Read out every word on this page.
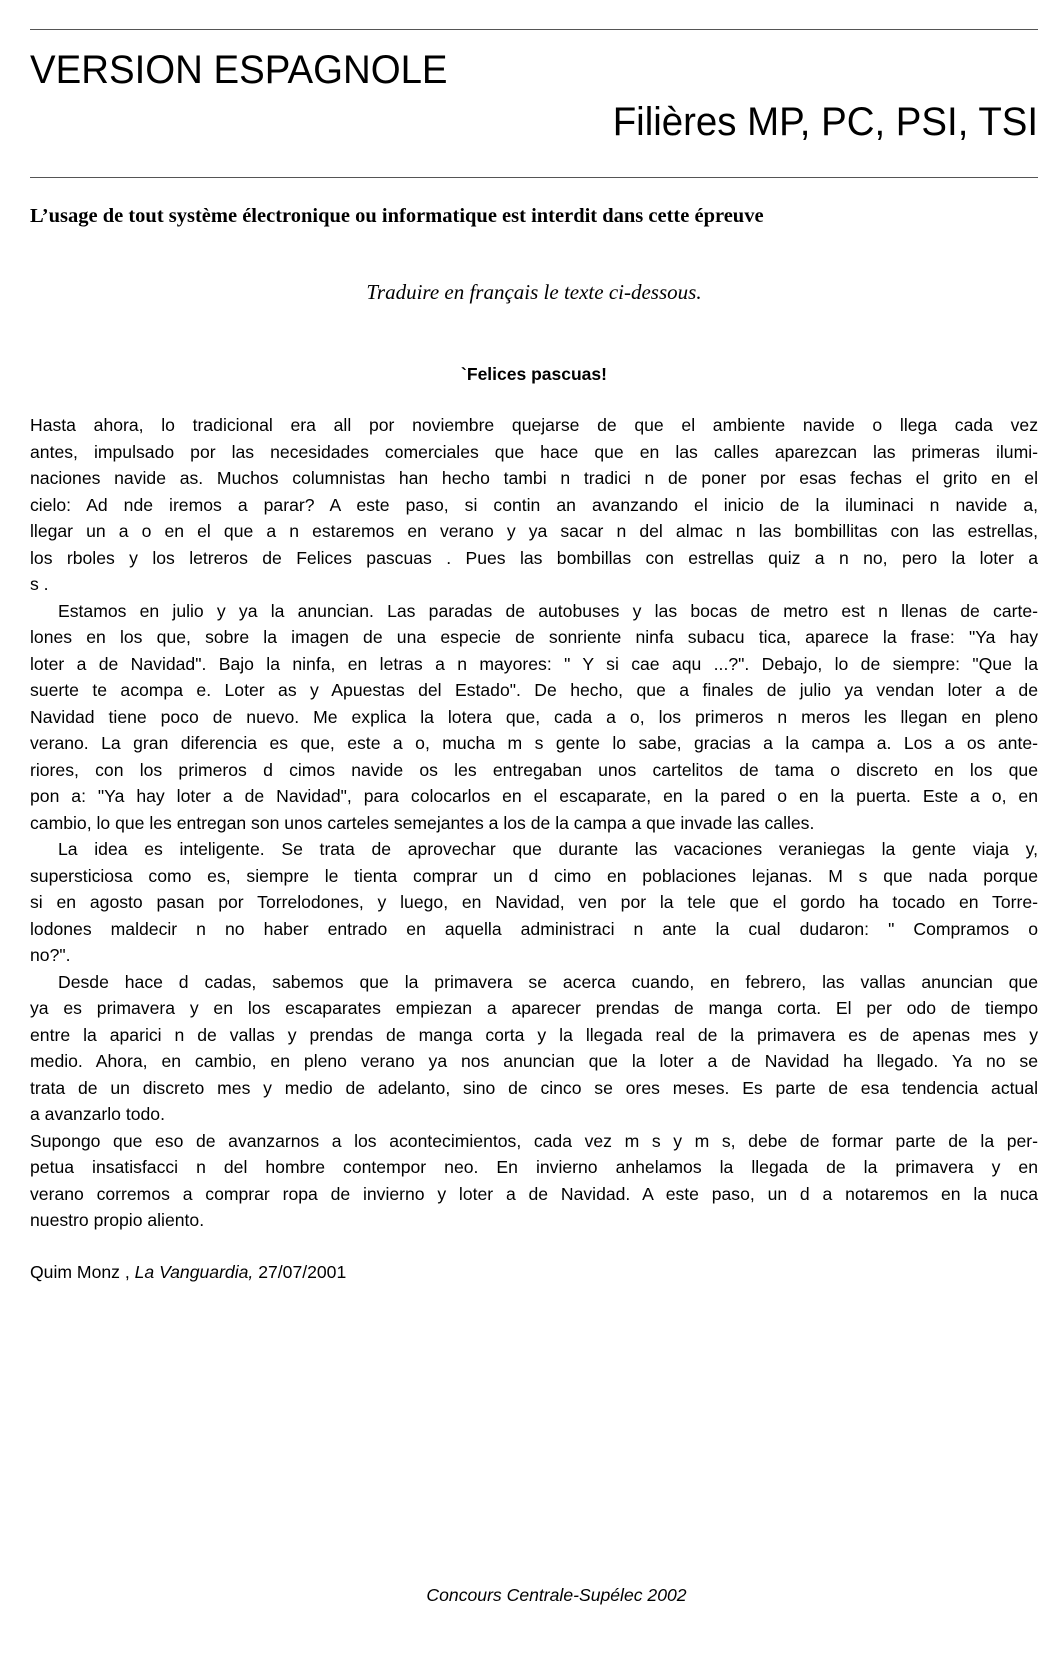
VERSION ESPAGNOLE
Filières MP, PC, PSI, TSI
L’usage de tout système électronique ou informatique est interdit dans cette épreuve
Traduire en français le texte ci-dessous.
`Felices pascuas!
Hasta ahora, lo tradicional era all por noviembre quejarse de que el ambiente navide o llega cada vez
antes, impulsado por las necesidades comerciales que hace que en las calles aparezcan las primeras ilumi-
naciones navide as. Muchos columnistas han hecho tambi n tradici n de poner por esas fechas el grito en el
cielo: Ad nde iremos a parar? A este paso, si contin an avanzando el inicio de la iluminaci n navide a,
llegar un a o en el que a n estaremos en verano y ya sacar n del almac n las bombillitas con las estrellas,
los rboles y los letreros de Felices pascuas . Pues las bombillas con estrellas quiz a n no, pero la loter a
s .
Estamos en julio y ya la anuncian. Las paradas de autobuses y las bocas de metro est n llenas de carte-
lones en los que, sobre la imagen de una especie de sonriente ninfa subacu tica, aparece la frase: "Ya hay
loter a de Navidad". Bajo la ninfa, en letras a n mayores: " Y si cae aqu ...?". Debajo, lo de siempre: "Que la
suerte te acompa e. Loter as y Apuestas del Estado". De hecho, que a finales de julio ya vendan loter a de
Navidad tiene poco de nuevo. Me explica la lotera que, cada a o, los primeros n meros les llegan en pleno
verano. La gran diferencia es que, este a o, mucha m s gente lo sabe, gracias a la campa a. Los a os ante-
riores, con los primeros d cimos navide os les entregaban unos cartelitos de tama o discreto en los que
pon a: "Ya hay loter a de Navidad", para colocarlos en el escaparate, en la pared o en la puerta. Este a o, en
cambio, lo que les entregan son unos carteles semejantes a los de la campa a que invade las calles.
La idea es inteligente. Se trata de aprovechar que durante las vacaciones veraniegas la gente viaja y,
supersticiosa como es, siempre le tienta comprar un d cimo en poblaciones lejanas. M s que nada porque
si en agosto pasan por Torrelodones, y luego, en Navidad, ven por la tele que el gordo ha tocado en Torre-
lodones maldecir n no haber entrado en aquella administraci n ante la cual dudaron: " Compramos o
no?".
Desde hace d cadas, sabemos que la primavera se acerca cuando, en febrero, las vallas anuncian que
ya es primavera y en los escaparates empiezan a aparecer prendas de manga corta. El per odo de tiempo
entre la aparici n de vallas y prendas de manga corta y la llegada real de la primavera es de apenas mes y
medio. Ahora, en cambio, en pleno verano ya nos anuncian que la loter a de Navidad ha llegado. Ya no se
trata de un discreto mes y medio de adelanto, sino de cinco se ores meses. Es parte de esa tendencia actual
a avanzarlo todo.
Supongo que eso de avanzarnos a los acontecimientos, cada vez m s y m s, debe de formar parte de la per-
petua insatisfacci n del hombre contempor neo. En invierno anhelamos la llegada de la primavera y en
verano corremos a comprar ropa de invierno y loter a de Navidad. A este paso, un d a notaremos en la nuca
nuestro propio aliento.
Quim Monz , La Vanguardia, 27/07/2001
Concours Centrale-Supélec 2002
